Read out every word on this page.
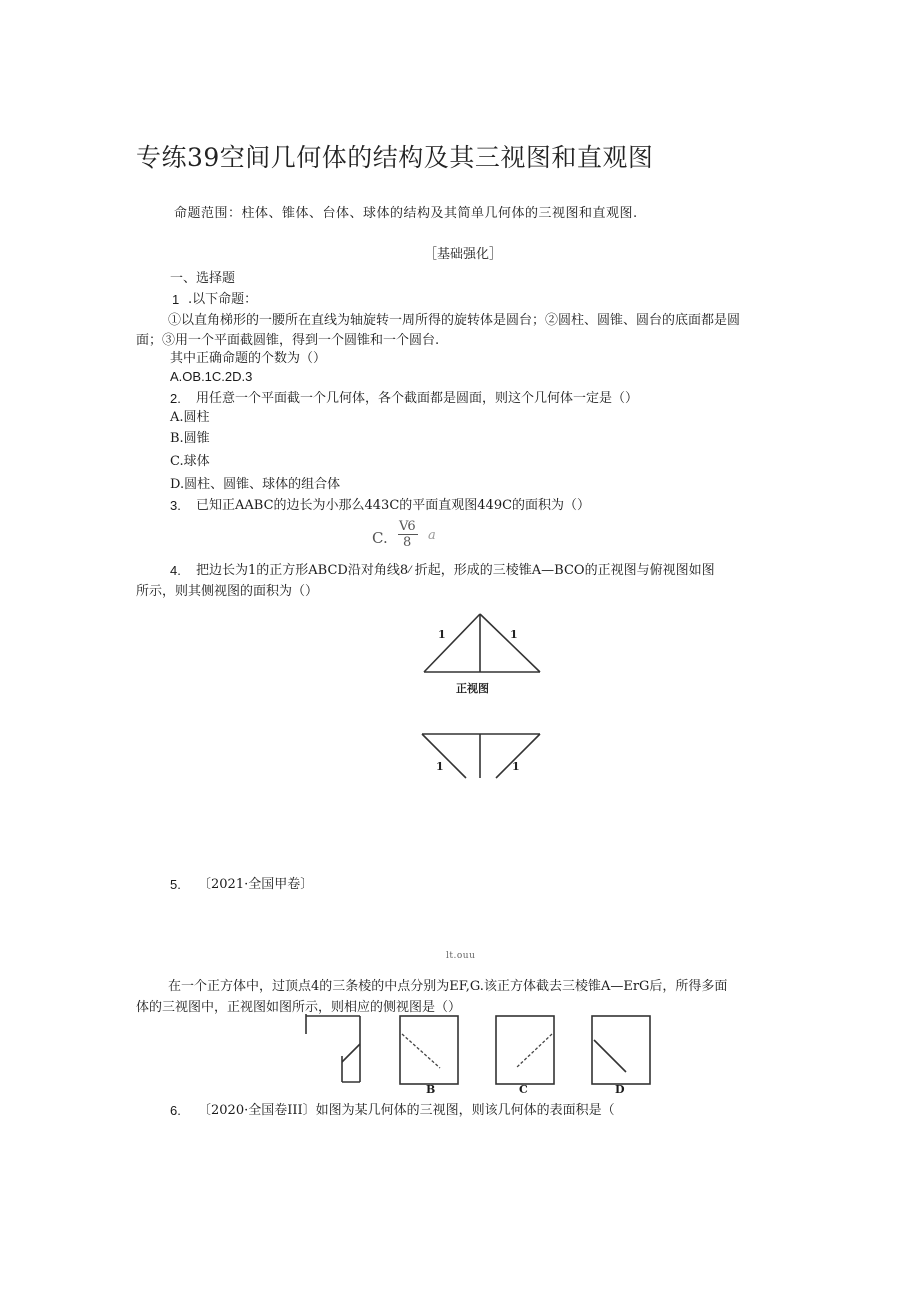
专练39空间几何体的结构及其三视图和直观图
命题范围：柱体、锥体、台体、球体的结构及其简单几何体的三视图和直观图.
［基础强化］
一、选择题
1 .以下命题：
①以直角梯形的一腰所在直线为轴旋转一周所得的旋转体是圆台；②圆柱、圆锥、圆台的底面都是圆
面；③用一个平面截圆锥，得到一个圆锥和一个圆台.
其中正确命题的个数为（）
A.OB.1C.2D.3
2. 用任意一个平面截一个几何体，各个截面都是圆面，则这个几何体一定是（）
A.圆柱
B.圆锥
C.球体
D.圆柱、圆锥、球体的组合体
3. 已知正AABC的边长为小那么443C的平面直观图449C的面积为（）
C.
V6
8 a
4. 把边长为1的正方形ABCD沿对角线8⁄ 折起，形成的三棱锥A—BCO的正视图与俯视图如图
所示，则其侧视图的面积为（）
1	1
正视图
1	1
5. 〔2021·全国甲卷〕
lt.ouu
在一个正方体中，过顶点4的三条棱的中点分别为EF,G.该正方体截去三棱锥A—ErG后，所得多面
体的三视图中，正视图如图所示，则相应的侧视图是（）
B	C	D
6. 〔2020·全国卷III〕如图为某几何体的三视图，则该几何体的表面积是（
